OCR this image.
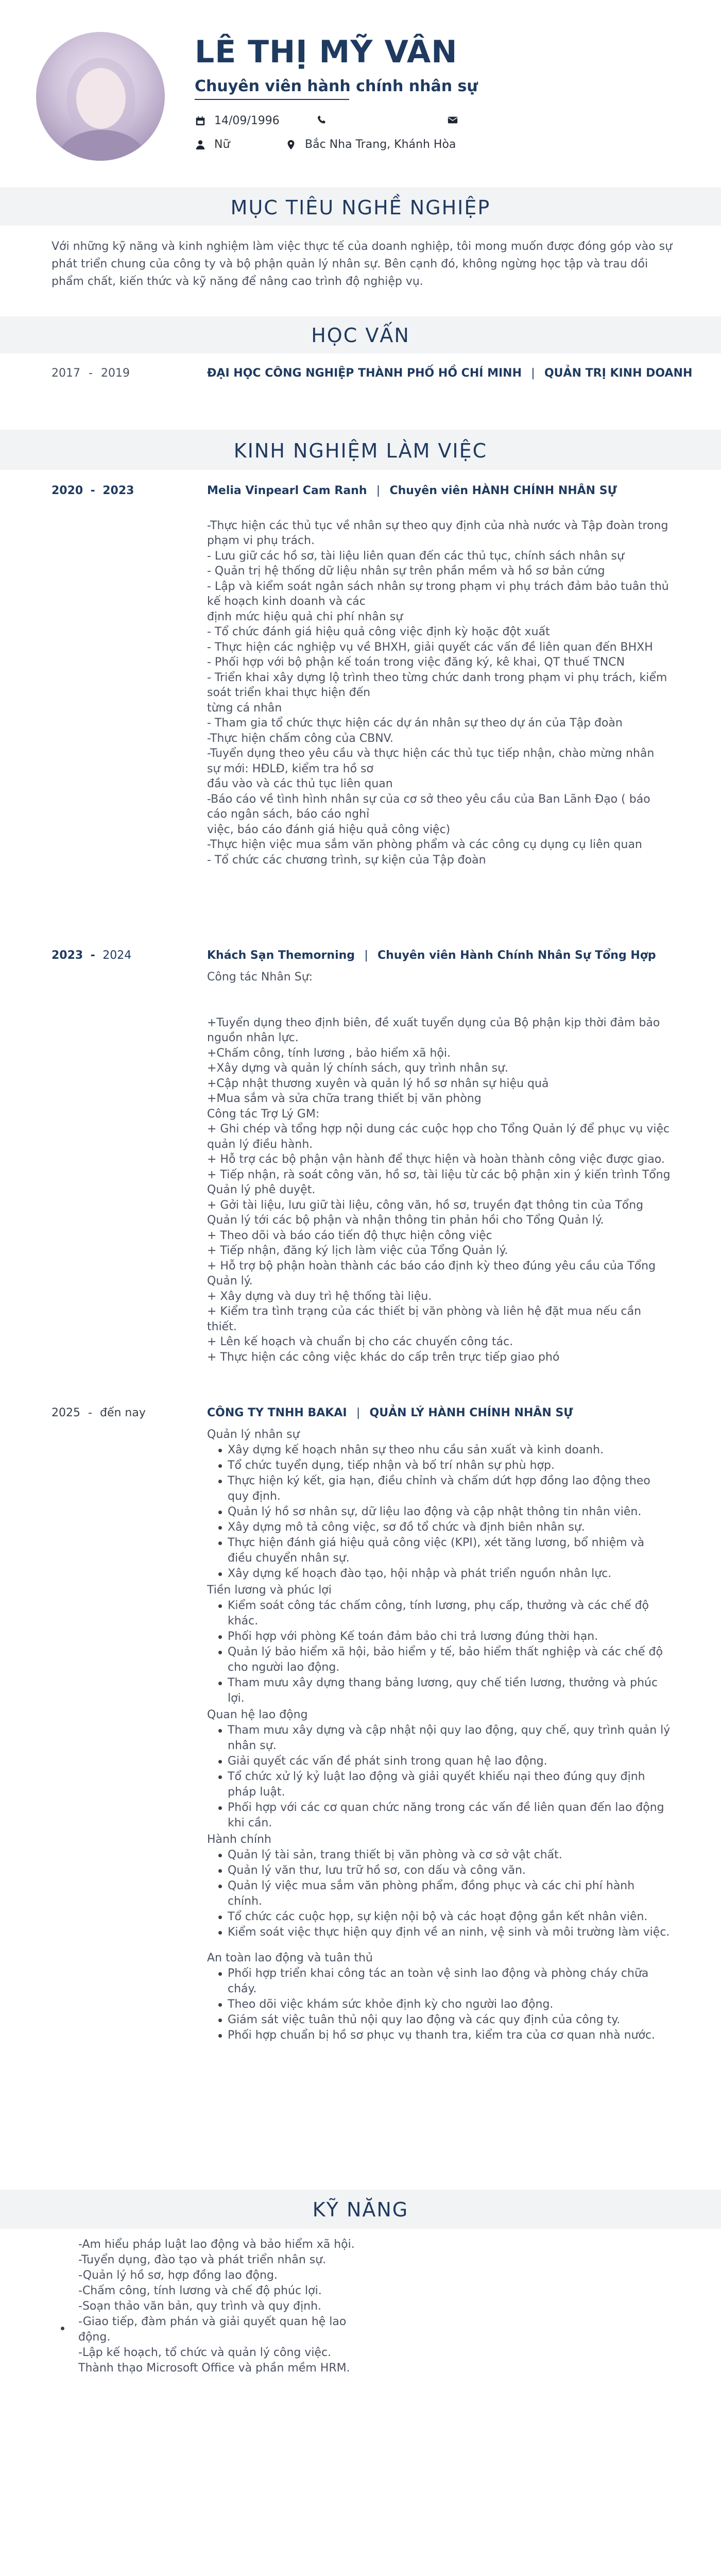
LÊ THỊ MỸ VÂN
Chuyên viên hành chính nhân sự
14/09/1996
Nữ	Bắc Nha Trang, Khánh Hòa
MỤC TIÊU NGHỀ NGHIỆP
Với những kỹ năng và kinh nghiệm làm việc thực tế của doanh nghiệp, tôi mong muốn được đóng góp vào sự phát triển chung của công ty và bộ phận quản lý nhân sự. Bên cạnh đó, không ngừng học tập và trau dồi phẩm chất, kiến thức và kỹ năng để nâng cao trình độ nghiệp vụ.
HỌC VẤN
2017 - 2019	ĐẠI HỌC CÔNG NGHIỆP THÀNH PHỐ HỒ CHÍ MINH | QUẢN TRỊ KINH DOANH
KINH NGHIỆM LÀM VIỆC
2020 - 2023	Melia Vinpearl Cam Ranh | Chuyên viên HÀNH CHÍNH NHÂN SỰ

-Thực hiện các thủ tục về nhân sự theo quy định của nhà nước và Tập đoàn trong phạm vi phụ trách.
- Lưu giữ các hồ sơ, tài liệu liên quan đến các thủ tục, chính sách nhân sự
- Quản trị hệ thống dữ liệu nhân sự trên phần mềm và hồ sơ bản cứng
- Lập và kiểm soát ngân sách nhân sự trong phạm vi phụ trách đảm bảo tuân thủ kế hoạch kinh doanh và các
định mức hiệu quả chi phí nhân sự
- Tổ chức đánh giá hiệu quả công việc định kỳ hoặc đột xuất
- Thực hiện các nghiệp vụ về BHXH, giải quyết các vấn đề liên quan đến BHXH
- Phối hợp với bộ phận kế toán trong việc đăng ký, kê khai, QT thuế TNCN
- Triển khai xây dựng lộ trình theo từng chức danh trong phạm vi phụ trách, kiểm soát triển khai thực hiện đến
từng cá nhân
- Tham gia tổ chức thực hiện các dự án nhân sự theo dự án của Tập đoàn
-Thực hiện chấm công của CBNV.
-Tuyển dụng theo yêu cầu và thực hiện các thủ tục tiếp nhận, chào mừng nhân sự mới: HĐLĐ, kiểm tra hồ sơ
đầu vào và các thủ tục liên quan
-Báo cáo về tình hình nhân sự của cơ sở theo yêu cầu của Ban Lãnh Đạo ( báo cáo ngân sách, báo cáo nghỉ
việc, báo cáo đánh giá hiệu quả công việc)
-Thực hiện việc mua sắm văn phòng phẩm và các công cụ dụng cụ liên quan
- Tổ chức các chương trình, sự kiện của Tập đoàn
2023 - 2024	Khách Sạn Themorning | Chuyên viên Hành Chính Nhân Sự Tổng Hợp
Công tác Nhân Sự:

+Tuyển dụng theo định biên, đề xuất tuyển dụng của Bộ phận kịp thời đảm bảo nguồn nhân lực.
+Chấm công, tính lương , bảo hiểm xã hội.
+Xây dựng và quản lý chính sách, quy trình nhân sự.
+Cập nhật thương xuyên và quản lý hồ sơ nhân sự hiệu quả
+Mua sắm và sửa chữa trang thiết bị văn phòng
Công tác Trợ Lý GM:
+ Ghi chép và tổng hợp nội dung các cuộc họp cho Tổng Quản lý để phục vụ việc quản lý điều hành.
+ Hỗ trợ các bộ phận vận hành để thực hiện và hoàn thành công việc được giao.
+ Tiếp nhận, rà soát công văn, hồ sơ, tài liệu từ các bộ phận xin ý kiến trình Tổng Quản lý phê duyệt.
+ Gởi tài liệu, lưu giữ tài liệu, công văn, hồ sơ, truyền đạt thông tin của Tổng Quản lý tới các bộ phận và nhận thông tin phản hồi cho Tổng Quản lý.
+ Theo dõi và báo cáo tiến độ thực hiện công việc
+ Tiếp nhận, đăng ký lịch làm việc của Tổng Quản lý.
+ Hỗ trợ bộ phận hoàn thành các báo cáo định kỳ theo đúng yêu cầu của Tổng Quản lý.
+ Xây dựng và duy trì hệ thống tài liệu.
+ Kiểm tra tình trạng của các thiết bị văn phòng và liên hệ đặt mua nếu cần thiết.
+ Lên kế hoạch và chuẩn bị cho các chuyến công tác.
+ Thực hiện các công việc khác do cấp trên trực tiếp giao phó
2025 - đến nay	CÔNG TY TNHH BAKAI | QUẢN LÝ HÀNH CHÍNH NHÂN SỰ
Quản lý nhân sự
Xây dựng kế hoạch nhân sự theo nhu cầu sản xuất và kinh doanh.
Tổ chức tuyển dụng, tiếp nhận và bố trí nhân sự phù hợp.
Thực hiện ký kết, gia hạn, điều chỉnh và chấm dứt hợp đồng lao động theo quy định.
Quản lý hồ sơ nhân sự, dữ liệu lao động và cập nhật thông tin nhân viên.
Xây dựng mô tả công việc, sơ đồ tổ chức và định biên nhân sự.
Thực hiện đánh giá hiệu quả công việc (KPI), xét tăng lương, bổ nhiệm và điều chuyển nhân sự.
Xây dựng kế hoạch đào tạo, hội nhập và phát triển nguồn nhân lực.
Tiền lương và phúc lợi
Kiểm soát công tác chấm công, tính lương, phụ cấp, thưởng và các chế độ khác.
Phối hợp với phòng Kế toán đảm bảo chi trả lương đúng thời hạn.
Quản lý bảo hiểm xã hội, bảo hiểm y tế, bảo hiểm thất nghiệp và các chế độ cho người lao động.
Tham mưu xây dựng thang bảng lương, quy chế tiền lương, thưởng và phúc lợi.
Quan hệ lao động
Tham mưu xây dựng và cập nhật nội quy lao động, quy chế, quy trình quản lý nhân sự.
Giải quyết các vấn đề phát sinh trong quan hệ lao động.
Tổ chức xử lý kỷ luật lao động và giải quyết khiếu nại theo đúng quy định pháp luật.
Phối hợp với các cơ quan chức năng trong các vấn đề liên quan đến lao động khi cần.
Hành chính
Quản lý tài sản, trang thiết bị văn phòng và cơ sở vật chất.
Quản lý văn thư, lưu trữ hồ sơ, con dấu và công văn.
Quản lý việc mua sắm văn phòng phẩm, đồng phục và các chi phí hành chính.
Tổ chức các cuộc họp, sự kiện nội bộ và các hoạt động gắn kết nhân viên.
Kiểm soát việc thực hiện quy định về an ninh, vệ sinh và môi trường làm việc.
An toàn lao động và tuân thủ
Phối hợp triển khai công tác an toàn vệ sinh lao động và phòng cháy chữa cháy.
Theo dõi việc khám sức khỏe định kỳ cho người lao động.
Giám sát việc tuân thủ nội quy lao động và các quy định của công ty.
Phối hợp chuẩn bị hồ sơ phục vụ thanh tra, kiểm tra của cơ quan nhà nước.
KỸ NĂNG
-Am hiểu pháp luật lao động và bảo hiểm xã hội.
-Tuyển dụng, đào tạo và phát triển nhân sự.
-Quản lý hồ sơ, hợp đồng lao động.
-Chấm công, tính lương và chế độ phúc lợi.
-Soạn thảo văn bản, quy trình và quy định.
-Giao tiếp, đàm phán và giải quyết quan hệ lao động.
-Lập kế hoạch, tổ chức và quản lý công việc.
Thành thạo Microsoft Office và phần mềm HRM.
